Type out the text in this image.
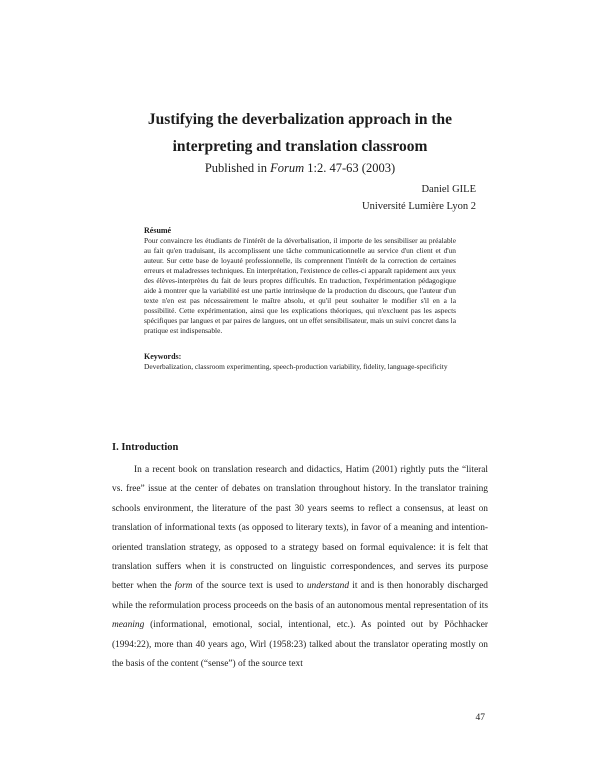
Justifying the deverbalization approach in the

interpreting and translation classroom

Published in Forum 1:2. 47-63 (2003)

Daniel GILE

Université Lumière Lyon 2

Résumé

Pour convaincre les étudiants de l'intérêt de la déverbalisation, il importe de les sensibiliser au préalable au fait qu'en traduisant, ils accomplissent une tâche communicationnelle au service d'un client et d'un auteur. Sur cette base de loyauté professionnelle, ils comprennent l'intérêt de la correction de certaines erreurs et maladresses techniques. En interprétation, l'existence de celles-ci apparaît rapidement aux yeux des élèves-interprètes du fait de leurs propres difficultés. En traduction, l'expérimentation pédagogique aide à montrer que la variabilité est une partie intrinsèque de la production du discours, que l'auteur d'un texte n'en est pas nécessairement le maître absolu, et qu'il peut souhaiter le modifier s'il en a la possibilité. Cette expérimentation, ainsi que les explications théoriques, qui n'excluent pas les aspects spécifiques par langues et par paires de langues, ont un effet sensibilisateur, mais un suivi concret dans la pratique est indispensable.

Keywords:

Deverbalization, classroom experimenting, speech-production variability, fidelity, language-specificity

I. Introduction

In a recent book on translation research and didactics, Hatim (2001) rightly puts the “literal vs. free” issue at the center of debates on translation throughout history. In the translator training schools environment, the literature of the past 30 years seems to reflect a consensus, at least on translation of informational texts (as opposed to literary texts), in favor of a meaning and intention-oriented translation strategy, as opposed to a strategy based on formal equivalence: it is felt that translation suffers when it is constructed on linguistic correspondences, and serves its purpose better when the form of the source text is used to understand it and is then honorably discharged while the reformulation process proceeds on the basis of an autonomous mental representation of its meaning (informational, emotional, social, intentional, etc.). As pointed out by Pöchhacker (1994:22), more than 40 years ago, Wirl (1958:23) talked about the translator operating mostly on the basis of the content (“sense”) of the source text

47
